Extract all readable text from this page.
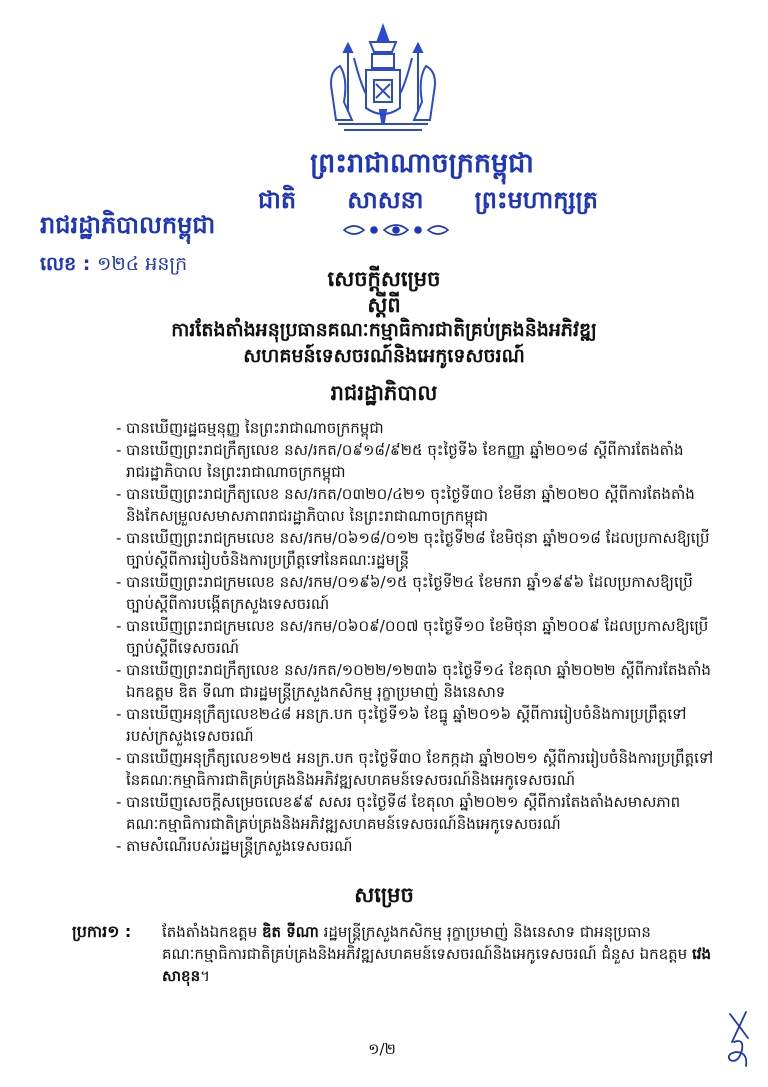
ព្រះរាជាណាចក្រកម្ពុជា
ជាតិ សាសនា ព្រះមហាក្សត្រ
រាជរដ្ឋាភិបាលកម្ពុជា
លេខ : ១២៤ អនក្រ
សេចក្តីសម្រេច
ស្តីពី
ការតែងតាំងអនុប្រធានគណៈកម្មាធិការជាតិគ្រប់គ្រងនិងអភិវឌ្ឍ
សហគមន៍ទេសចរណ៍និងអេកូទេសចរណ៍
រាជរដ្ឋាភិបាល
- បានឃើញរដ្ឋធម្មនុញ្ញ នៃព្រះរាជាណាចក្រកម្ពុជា
- បានឃើញព្រះរាជក្រឹត្យលេខ នស/រកត/០៩១៨/៩២៥ ចុះថ្ងៃទី៦ ខែកញ្ញា ឆ្នាំ២០១៨ ស្តីពីការតែងតាំង
រាជរដ្ឋាភិបាល នៃព្រះរាជាណាចក្រកម្ពុជា
- បានឃើញព្រះរាជក្រឹត្យលេខ នស/រកត/០៣២០/៤២១ ចុះថ្ងៃទី៣០ ខែមីនា ឆ្នាំ២០២០ ស្តីពីការតែងតាំង
និងកែសម្រួលសមាសភាពរាជរដ្ឋាភិបាល នៃព្រះរាជាណាចក្រកម្ពុជា
- បានឃើញព្រះរាជក្រមលេខ នស/រកម/០៦១៨/០១២ ចុះថ្ងៃទី២៨ ខែមិថុនា ឆ្នាំ២០១៨ ដែលប្រកាសឱ្យប្រើ
ច្បាប់ស្តីពីការរៀបចំនិងការប្រព្រឹត្តទៅនៃគណៈរដ្ឋមន្ត្រី
- បានឃើញព្រះរាជក្រមលេខ នស/រកម/០១៩៦/១៥ ចុះថ្ងៃទី២៤ ខែមករា ឆ្នាំ១៩៩៦ ដែលប្រកាសឱ្យប្រើ
ច្បាប់ស្តីពីការបង្កើតក្រសួងទេសចរណ៍
- បានឃើញព្រះរាជក្រមលេខ នស/រកម/០៦០៩/០០៧ ចុះថ្ងៃទី១០ ខែមិថុនា ឆ្នាំ២០០៩ ដែលប្រកាសឱ្យប្រើ
ច្បាប់ស្តីពីទេសចរណ៍
- បានឃើញព្រះរាជក្រឹត្យលេខ នស/រកត/១០២២/១២៣៦ ចុះថ្ងៃទី១៤ ខែតុលា ឆ្នាំ២០២២ ស្តីពីការតែងតាំង
ឯកឧត្តម ឌិត ទីណា ជារដ្ឋមន្ត្រីក្រសួងកសិកម្ម រុក្ខាប្រមាញ់ និងនេសាទ
- បានឃើញអនុក្រឹត្យលេខ២៤៨ អនក្រ.បក ចុះថ្ងៃទី១៦ ខែធ្នូ ឆ្នាំ២០១៦ ស្តីពីការរៀបចំនិងការប្រព្រឹត្តទៅ
របស់ក្រសួងទេសចរណ៍
- បានឃើញអនុក្រឹត្យលេខ១២៥ អនក្រ.បក ចុះថ្ងៃទី៣០ ខែកក្កដា ឆ្នាំ២០២១ ស្តីពីការរៀបចំនិងការប្រព្រឹត្តទៅ
នៃគណៈកម្មាធិការជាតិគ្រប់គ្រងនិងអភិវឌ្ឍសហគមន៍ទេសចរណ៍និងអេកូទេសចរណ៍
- បានឃើញសេចក្តីសម្រេចលេខ៩៩ សសរ ចុះថ្ងៃទី៨ ខែតុលា ឆ្នាំ២០២១ ស្តីពីការតែងតាំងសមាសភាព
គណៈកម្មាធិការជាតិគ្រប់គ្រងនិងអភិវឌ្ឍសហគមន៍ទេសចរណ៍និងអេកូទេសចរណ៍
- តាមសំណើរបស់រដ្ឋមន្ត្រីក្រសួងទេសចរណ៍
សម្រេច
ប្រការ១ : តែងតាំងឯកឧត្តម ឌិត ទីណា រដ្ឋមន្ត្រីក្រសួងកសិកម្ម រុក្ខាប្រមាញ់ និងនេសាទ ជាអនុប្រធាន គណៈកម្មាធិការជាតិគ្រប់គ្រងនិងអភិវឌ្ឍសហគមន៍ទេសចរណ៍និងអេកូទេសចរណ៍ ជំនួស ឯកឧត្តម វេង សាខុន។
១/២
